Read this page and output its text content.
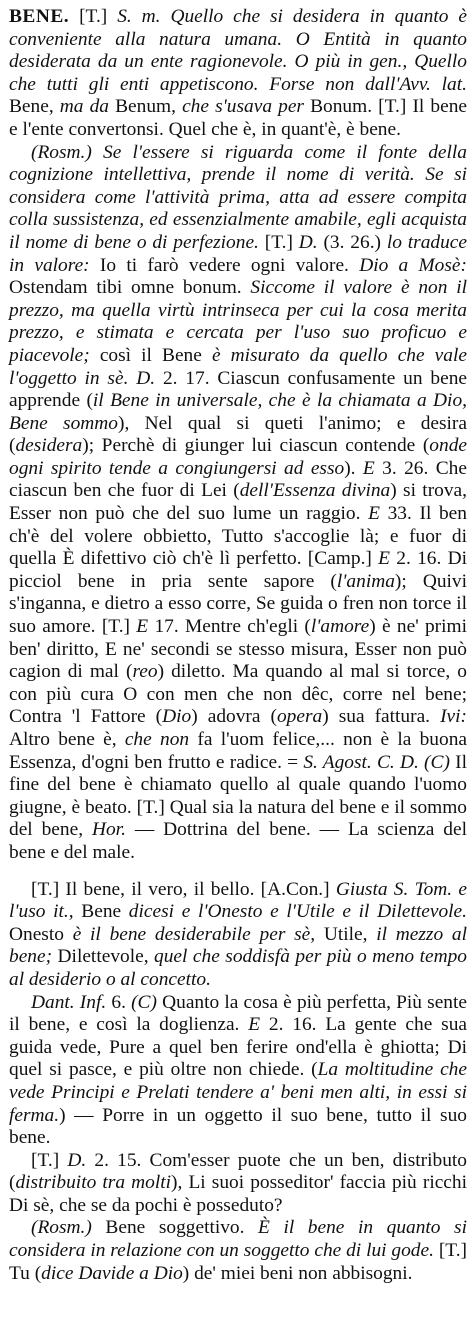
BENE. [T.] S. m. Quello che si desidera in quanto è conveniente alla natura umana. O Entità in quanto desiderata da un ente ragionevole. O più in gen., Quello che tutti gli enti appetiscono. Forse non dall'Avv. lat. Bene, ma da Benum, che s'usava per Bonum. [T.] Il bene e l'ente convertonsi. Quel che è, in quant'è, è bene.

(Rosm.) Se l'essere si riguarda come il fonte della cognizione intellettiva, prende il nome di verità. Se si considera come l'attività prima, atta ad essere compita colla sussistenza, ed essenzialmente amabile, egli acquista il nome di bene o di perfezione. [T.] D. (3. 26.) lo traduce in valore: Io ti farò vedere ogni valore. Dio a Mosè: Ostendam tibi omne bonum. Siccome il valore è non il prezzo, ma quella virtù intrinseca per cui la cosa merita prezzo, e stimata e cercata per l'uso suo proficuo e piacevole; così il Bene è misurato da quello che vale l'oggetto in sè. D. 2. 17. Ciascun confusamente un bene apprende (il Bene in universale, che è la chiamata a Dio, Bene sommo), Nel qual si queti l'animo; e desira (desidera); Perchè di giunger lui ciascun contende (onde ogni spirito tende a congiungersi ad esso). E 3. 26. Che ciascun ben che fuor di Lei (dell'Essenza divina) si trova, Esser non può che del suo lume un raggio. E 33. Il ben ch'è del volere obbietto, Tutto s'accoglie là; e fuor di quella È difettivo ciò ch'è lì perfetto. [Camp.] E 2. 16. Di picciol bene in pria sente sapore (l'anima); Quivi s'inganna, e dietro a esso corre, Se guida o fren non torce il suo amore. [T.] E 17. Mentre ch'egli (l'amore) è ne' primi ben' diritto, E ne' secondi se stesso misura, Esser non può cagion di mal (reo) diletto. Ma quando al mal si torce, o con più cura O con men che non dêc, corre nel bene; Contra 'l Fattore (Dio) adovra (opera) sua fattura. Ivi: Altro bene è, che non fa l'uom felice,... non è la buona Essenza, d'ogni ben frutto e radice. = S. Agost. C. D. (C) Il fine del bene è chiamato quello al quale quando l'uomo giugne, è beato. [T.] Qual sia la natura del bene e il sommo del bene, Hor. — Dottrina del bene. — La scienza del bene e del male.

[T.] Il bene, il vero, il bello. [A.Con.] Giusta S. Tom. e l'uso it., Bene dicesi e l'Onesto e l'Utile e il Dilettevole. Onesto è il bene desiderabile per sè, Utile, il mezzo al bene; Dilettevole, quel che soddisfà per più o meno tempo al desiderio o al concetto.

Dant. Inf. 6. (C) Quanto la cosa è più perfetta, Più sente il bene, e così la doglienza. E 2. 16. La gente che sua guida vede, Pure a quel ben ferire ond'ella è ghiotta; Di quel si pasce, e più oltre non chiede. (La moltitudine che vede Principi e Prelati tendere a' beni men alti, in essi si ferma.) — Porre in un oggetto il suo bene, tutto il suo bene.

[T.] D. 2. 15. Com'esser puote che un ben, distributo (distribuito tra molti), Li suoi posseditor' faccia più ricchi Di sè, che se da pochi è posseduto?

(Rosm.) Bene soggettivo. È il bene in quanto si considera in relazione con un soggetto che di lui gode. [T.] Tu (dice Davide a Dio) de' miei beni non abbisogni.
